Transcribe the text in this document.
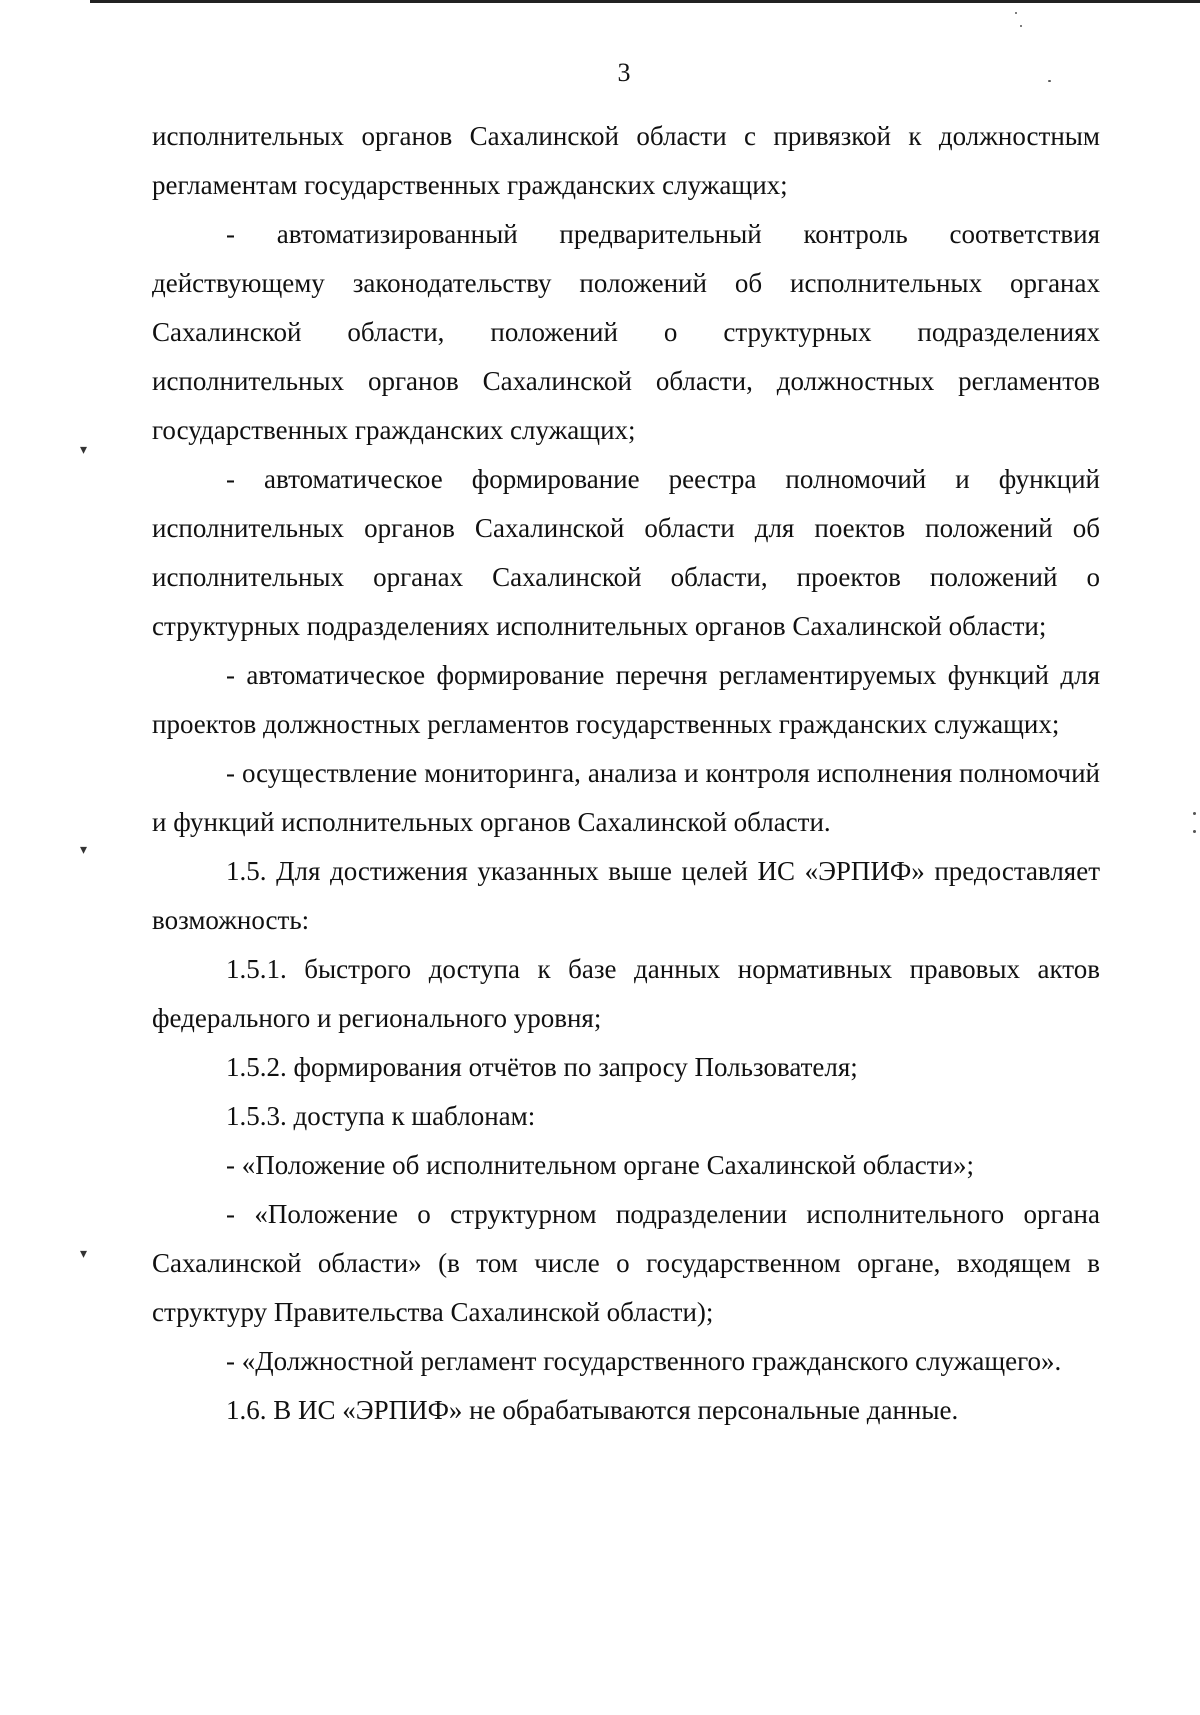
3

исполнительных органов Сахалинской области с привязкой к должностным регламентам государственных гражданских служащих;

- автоматизированный предварительный контроль соответствия действующему законодательству положений об исполнительных органах Сахалинской области, положений о структурных подразделениях исполнительных органов Сахалинской области, должностных регламентов государственных гражданских служащих;

- автоматическое формирование реестра полномочий и функций исполнительных органов Сахалинской области для поектов положений об исполнительных органах Сахалинской области, проектов положений о структурных подразделениях исполнительных органов Сахалинской области;

- автоматическое формирование перечня регламентируемых функций для проектов должностных регламентов государственных гражданских служащих;

- осуществление мониторинга, анализа и контроля исполнения полномочий и функций исполнительных органов Сахалинской области.

1.5. Для достижения указанных выше целей ИС «ЭРПИФ» предоставляет возможность:

1.5.1. быстрого доступа к базе данных нормативных правовых актов федерального и регионального уровня;

1.5.2. формирования отчётов по запросу Пользователя;

1.5.3. доступа к шаблонам:

- «Положение об исполнительном органе Сахалинской области»;

- «Положение о структурном подразделении исполнительного органа Сахалинской области» (в том числе о государственном органе, входящем в структуру Правительства Сахалинской области);

- «Должностной регламент государственного гражданского служащего».

1.6. В ИС «ЭРПИФ» не обрабатываются персональные данные.

▾
▾
▾
